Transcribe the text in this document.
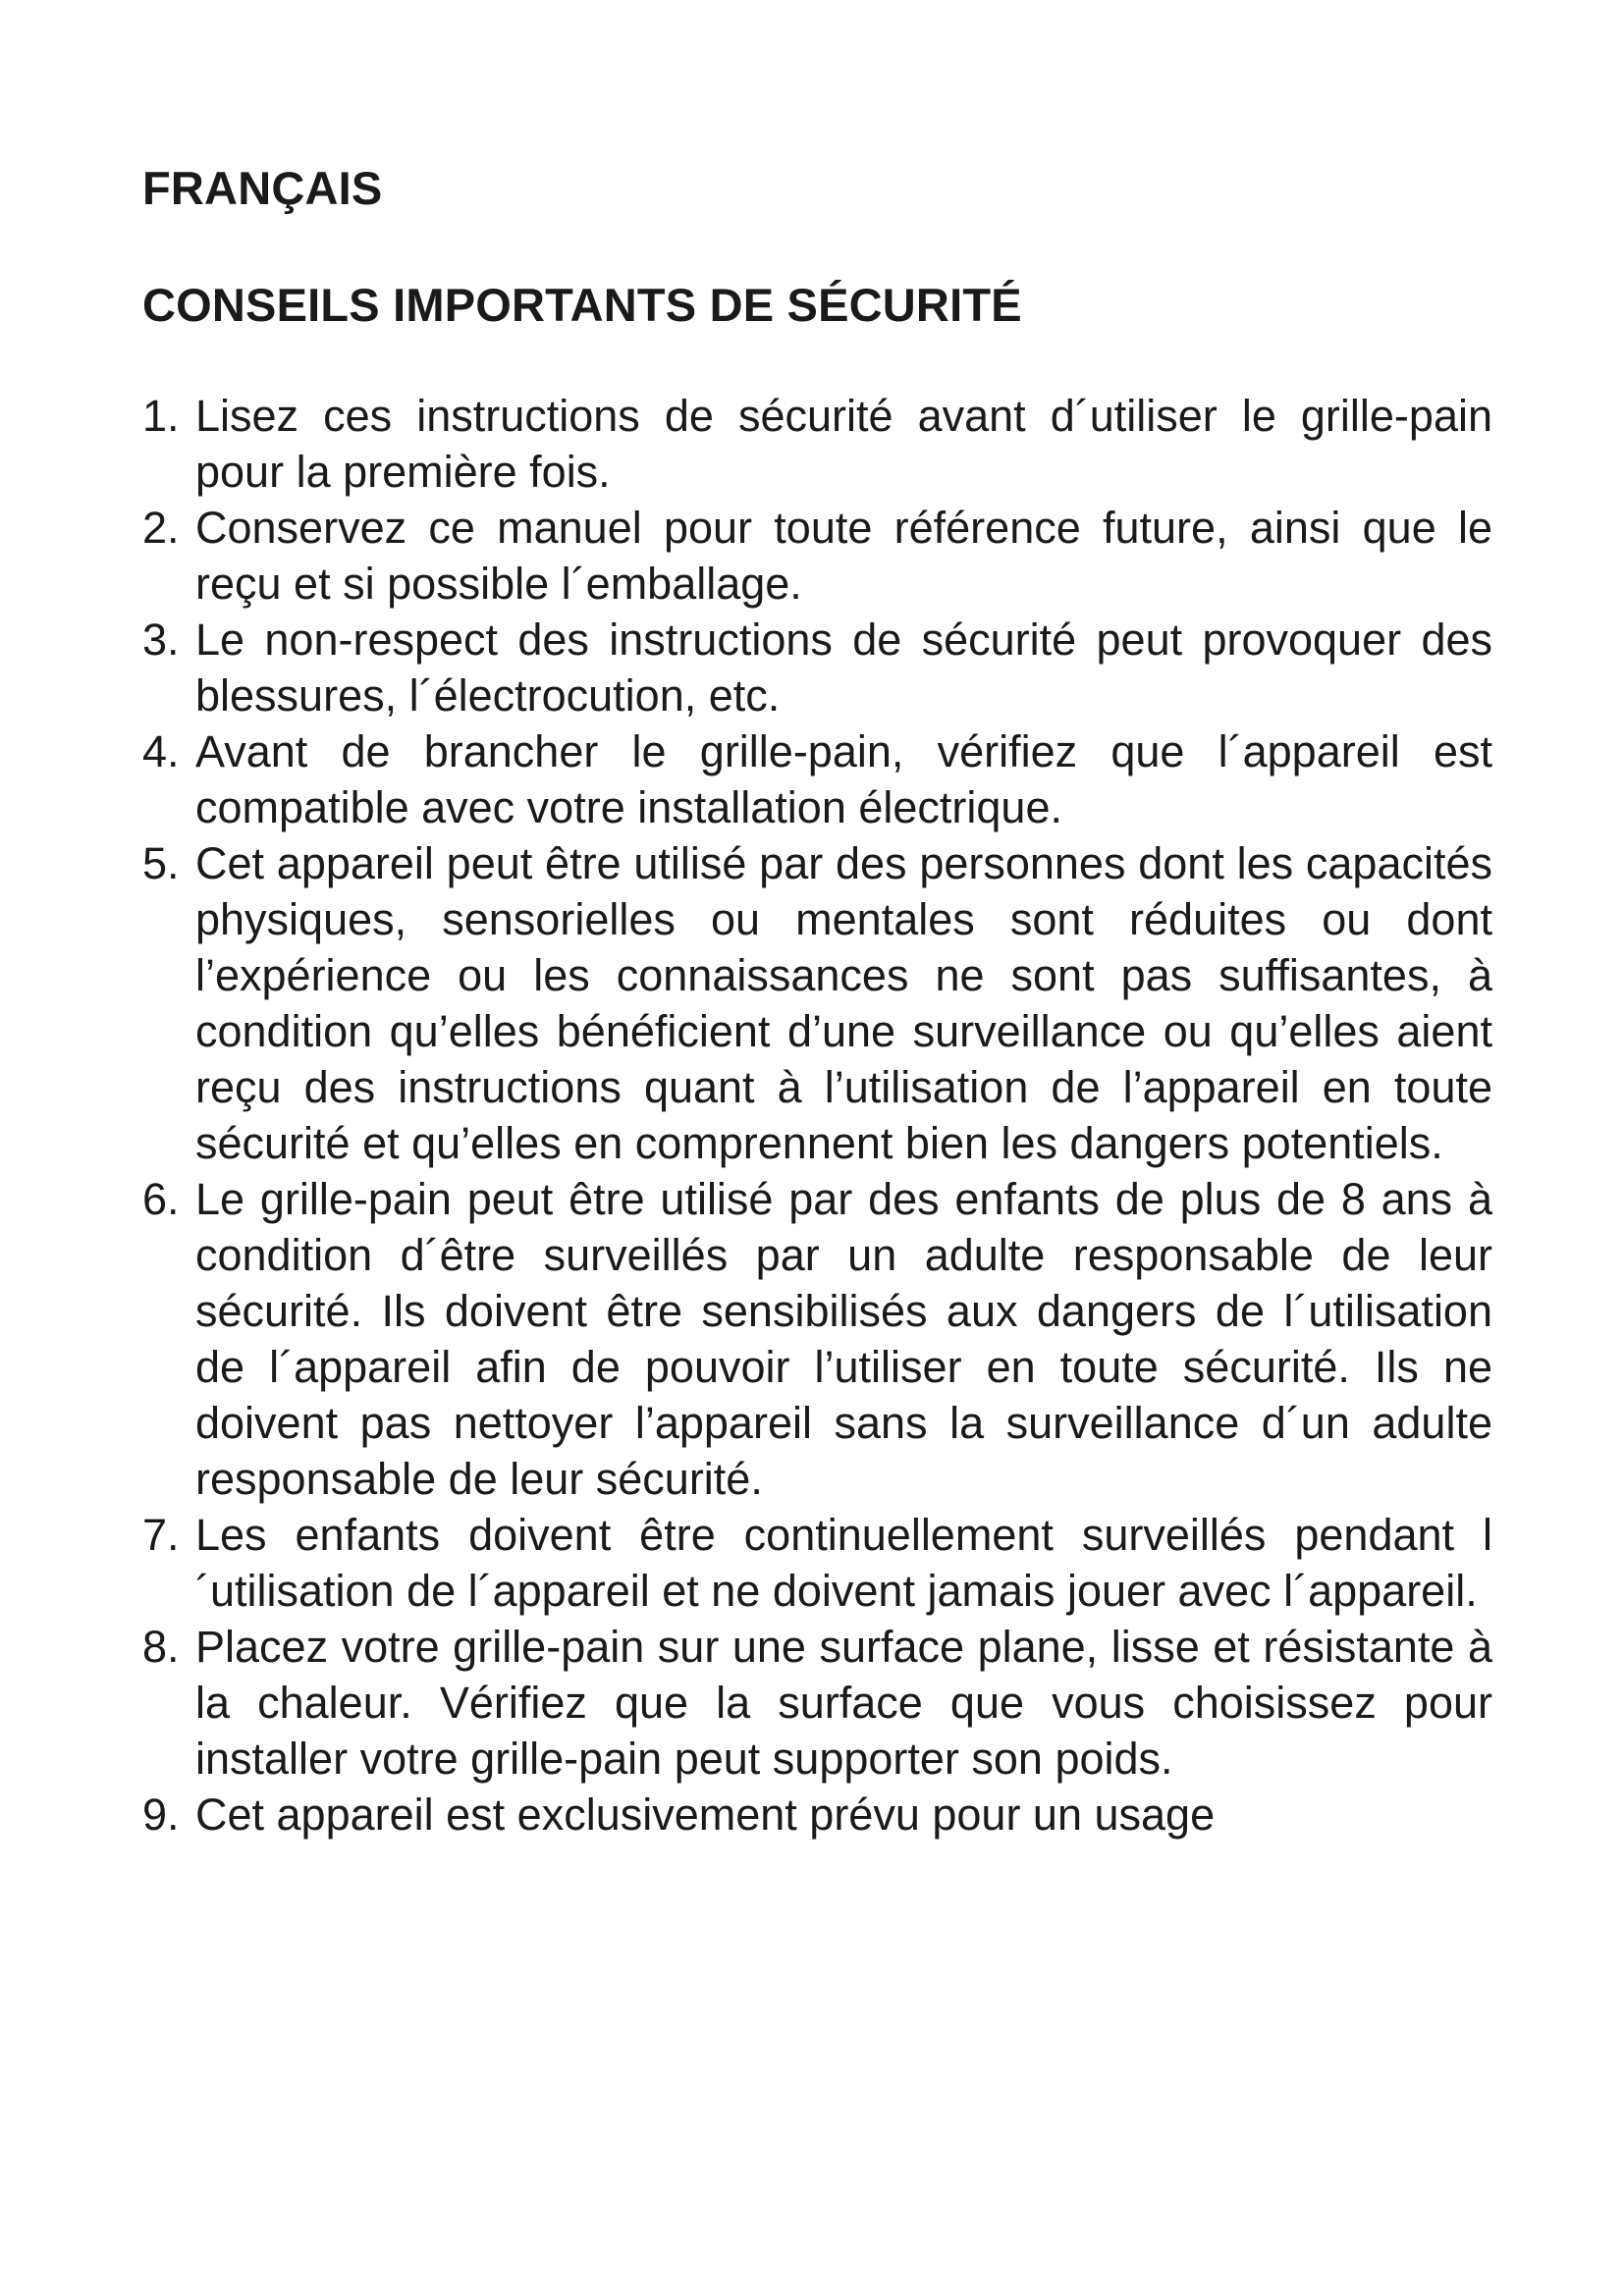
FRANÇAIS
CONSEILS IMPORTANTS DE SÉCURITÉ
1. Lisez ces instructions de sécurité avant d´utiliser le grille-pain pour la première fois.
2. Conservez ce manuel pour toute référence future, ainsi que le reçu et si possible l´emballage.
3. Le non-respect des instructions de sécurité peut provoquer des blessures, l´électrocution, etc.
4. Avant de brancher le grille-pain, vérifiez que l´appareil est compatible avec votre installation électrique.
5. Cet appareil peut être utilisé par des personnes dont les capacités physiques, sensorielles ou mentales sont réduites ou dont l’expérience ou les connaissances ne sont pas suffisantes, à condition qu’elles bénéficient d’une surveillance ou qu’elles aient reçu des instructions quant à l’utilisation de l’appareil en toute sécurité et qu’elles en comprennent bien les dangers potentiels.
6. Le grille-pain peut être utilisé par des enfants de plus de 8 ans à condition d´être surveillés par un adulte responsable de leur sécurité. Ils doivent être sensibilisés aux dangers de l´utilisation de l´appareil afin de pouvoir l’utiliser en toute sécurité. Ils ne doivent pas nettoyer l’appareil sans la surveillance d´un adulte responsable de leur sécurité.
7. Les enfants doivent être continuellement surveillés pendant l´utilisation de l´appareil et ne doivent jamais jouer avec l´appareil.
8. Placez votre grille-pain sur une surface plane, lisse et résistante à la chaleur. Vérifiez que la surface que vous choisissez pour installer votre grille-pain peut supporter son poids.
9. Cet appareil est exclusivement prévu pour un usage
